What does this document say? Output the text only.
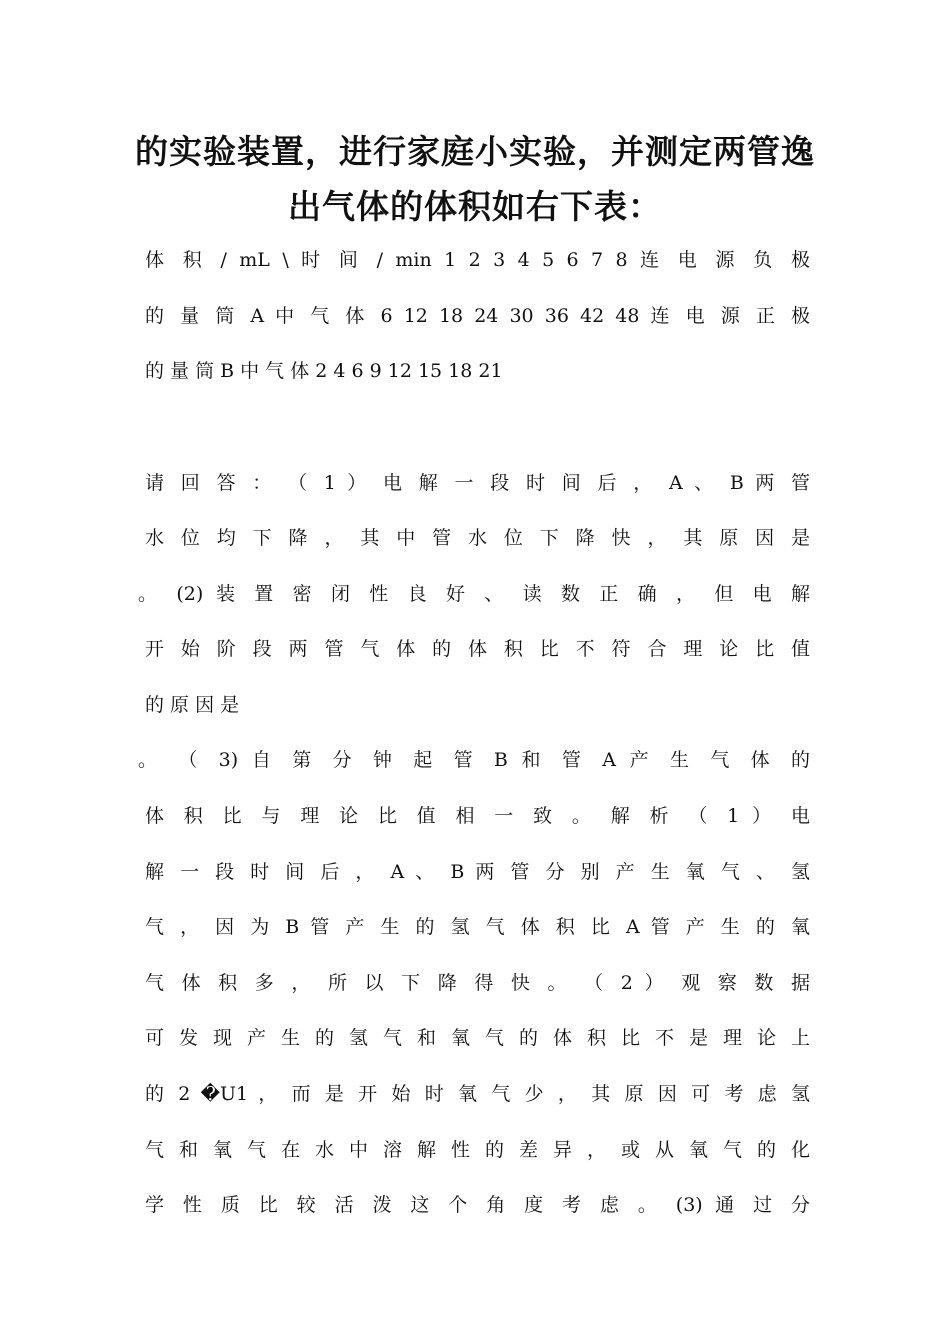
的实验装置，进行家庭小实验，并测定两管逸
出气体的体积如右下表：
体 积 / mL \ 时 间 / min 1 2 3 4 5 6 7 8 连 电 源 负 极
的 量 筒 A 中 气 体 6 12 18 24 30 36 42 48 连 电 源 正 极
的 量 筒 B 中 气 体 2 4 6 9 12 15 18 21
请 回 答 ： （ 1 ） 电 解 一 段 时 间 后 ， A 、 B 两 管
水 位 均 下 降 ， 其 中 管 水 位 下 降 快 ， 其 原 因 是
。 (2) 装 置 密 闭 性 良 好 、 读 数 正 确 ， 但 电 解
开 始 阶 段 两 管 气 体 的 体 积 比 不 符 合 理 论 比 值
的 原 因 是
。 （ 3) 自 第 分 钟 起 管 B 和 管 A 产 生 气 体 的
体 积 比 与 理 论 比 值 相 一 致 。 解 析 （ 1 ） 电
解 一 段 时 间 后 ， A 、 B 两 管 分 别 产 生 氧 气 、 氢
气 ， 因 为 B 管 产 生 的 氢 气 体 积 比 A 管 产 生 的 氧
气 体 积 多 ， 所 以 下 降 得 快 。 （ 2 ） 观 察 数 据
可 发 现 产 生 的 氢 气 和 氧 气 的 体 积 比 不 是 理 论 上
的 2 �U1 ， 而 是 开 始 时 氧 气 少 ， 其 原 因 可 考 虑 氢
气 和 氧 气 在 水 中 溶 解 性 的 差 异 ， 或 从 氧 气 的 化
学 性 质 比 较 活 泼 这 个 角 度 考 虑 。 (3) 通 过 分
